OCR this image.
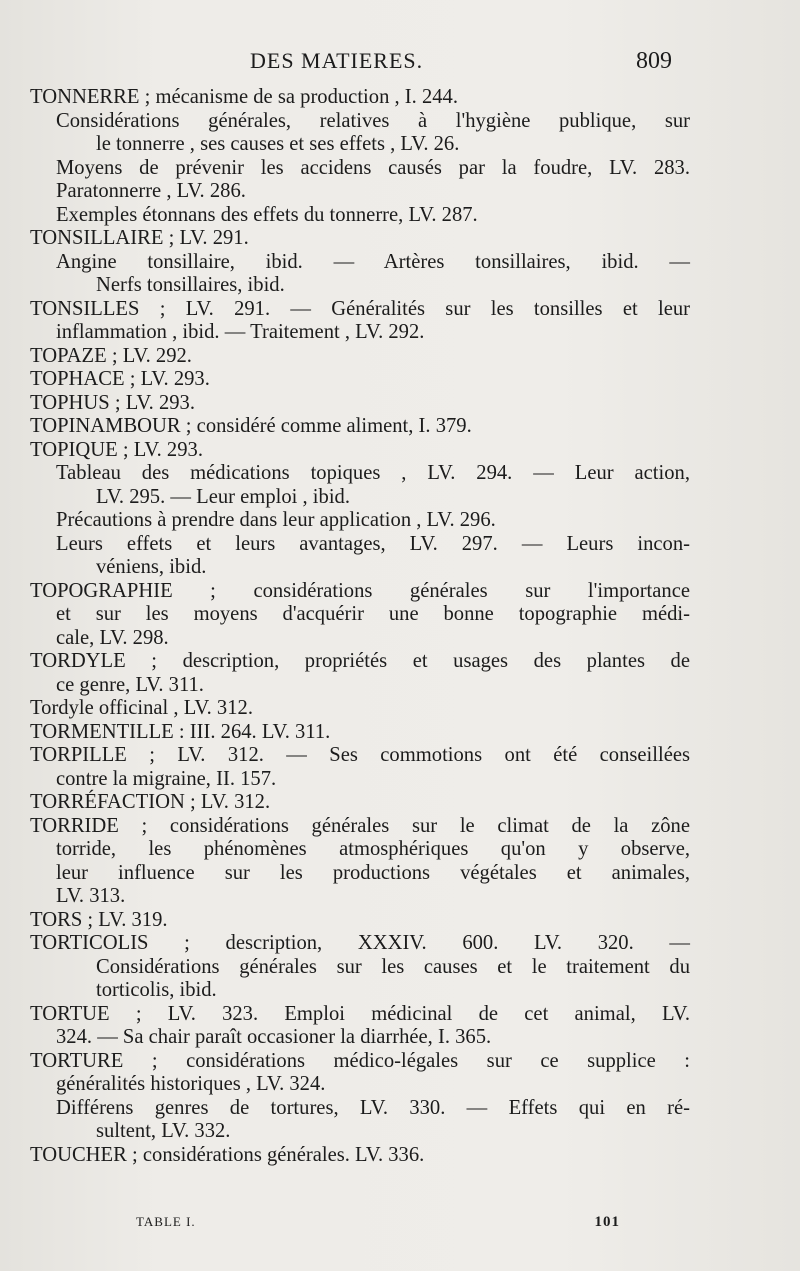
DES MATIERES.	809
TONNERRE ; mécanisme de sa production , I. 244.
Considérations générales, relatives à l'hygiène publique, sur
le tonnerre , ses causes et ses effets , LV. 26.
Moyens de prévenir les accidens causés par la foudre, LV. 283.
Paratonnerre , LV. 286.
Exemples étonnans des effets du tonnerre, LV. 287.
TONSILLAIRE ; LV. 291.
Angine tonsillaire, ibid. — Artères tonsillaires, ibid. —
Nerfs tonsillaires, ibid.
TONSILLES ; LV. 291. — Généralités sur les tonsilles et leur
inflammation , ibid. — Traitement , LV. 292.
TOPAZE ; LV. 292.
TOPHACE ; LV. 293.
TOPHUS ; LV. 293.
TOPINAMBOUR ; considéré comme aliment, I. 379.
TOPIQUE ; LV. 293.
Tableau des médications topiques , LV. 294. — Leur action,
LV. 295. — Leur emploi , ibid.
Précautions à prendre dans leur application , LV. 296.
Leurs effets et leurs avantages, LV. 297. — Leurs incon-
véniens, ibid.
TOPOGRAPHIE ; considérations générales sur l'importance
et sur les moyens d'acquérir une bonne topographie médi-
cale, LV. 298.
TORDYLE ; description, propriétés et usages des plantes de
ce genre, LV. 311.
Tordyle officinal , LV. 312.
TORMENTILLE : III. 264. LV. 311.
TORPILLE ; LV. 312. — Ses commotions ont été conseillées
contre la migraine, II. 157.
TORRÉFACTION ; LV. 312.
TORRIDE ; considérations générales sur le climat de la zône
torride, les phénomènes atmosphériques qu'on y observe,
leur influence sur les productions végétales et animales,
LV. 313.
TORS ; LV. 319.
TORTICOLIS ; description, XXXIV. 600. LV. 320. —
Considérations générales sur les causes et le traitement du
torticolis, ibid.
TORTUE ; LV. 323. Emploi médicinal de cet animal, LV.
324. — Sa chair paraît occasioner la diarrhée, I. 365.
TORTURE ; considérations médico-légales sur ce supplice :
généralités historiques , LV. 324.
Différens genres de tortures, LV. 330. — Effets qui en ré-
sultent, LV. 332.
TOUCHER ; considérations générales. LV. 336.
TABLE I.	101
